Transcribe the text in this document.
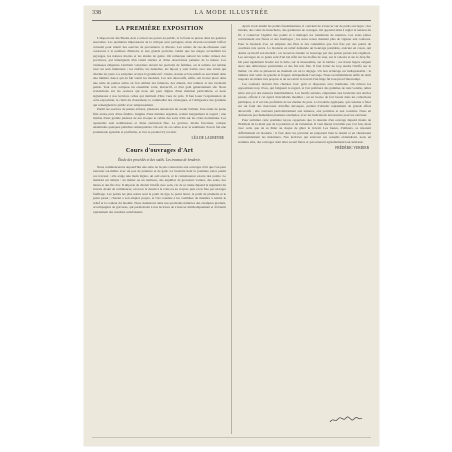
338	LA MODE ILLUSTRÉE
LA PREMIÈRE EXPOSITION

L'inspectorat des Beaux-Arts a ouvert ses portes au public, et la foule se presse dans les galeries nouvelles. Les premières impressions de la critique sont partagées, mais chacun reconnaît l'effort consenti pour réunir des oeuvres de provenance si diverse. Les salons du rez-de-chaussée sont consacrés à la peinture d'histoire et aux grands portraits, tandis que les étages accueillent les paysages, les natures mortes et les études de genre. On remarque surtout les toiles venues des provinces, qui témoignent d'un talent sincère et d'une observation patiente de la nature. Les visiteuses élégantes s'arrêtent volontiers devant les portraits de femmes, où la toilette est rendue avec un soin minutieux ; les étoffes, les dentelles, les bijoux y sont traités avec une vérité qui charme les yeux. La sculpture occupe la grande nef : bustes, statues et bas-reliefs se succèdent dans une lumière douce qui en fait valoir les modelés. Les arts décoratifs, enfin, ont trouvé place dans une série de petites salles où l'on admire des faïences, des émaux, des reliures et des éventails peints. Tout cela compose un ensemble varié, instructif, et d'un goût généralement sûr. Nous reviendrons sur les oeuvres qui nous ont paru dignes d'une mention particulière, et nous signalerons à nos lectrices celles qui méritent d'être vues de près. Il faut louer l'organisation de cette exposition, la clarté du classement, la commodité des catalogues, et l'obligeance des gardiens qui renseignent le public avec empressement.

Parmi les oeuvres de jeunes artistes, plusieurs annoncent un avenir brillant. Une étude de jeune fille assise près d'une fenêtre, baignée d'une lumière argentée, retient longuement le regard ; une marine d'une grande justesse de ton évoque le calme des soirs d'été sur les côtes normandes. Les aquarelles sont nombreuses et d'une exécution fine. La gravure, moins favorisée, compte néanmoins quelques planches remarquables. On sort de ces salles avec le sentiment d'avoir fait une promenade agréable et profitable, et l'on se promet d'y revenir.

LÉA DE LAUBEYRE
Cours d'ouvrages d'Art
Étude des procédés et des outils. Les travaux de broderie.

Nous commencerons aujourd'hui une série de leçons consacrées aux ouvrages d'art que l'on peut exécuter soi-même avec un peu de patience et de goût. La broderie tient la première place parmi ces travaux : elle exige une main légère, un oeil exercé, et la connaissance exacte des points. Le matériel est simple : un métier ou un tambour, des aiguilles de grosseurs variées, des soies, des laines et des fils d'or. Il importe de choisir l'étoffe avec soin, car de sa trame dépend la régularité du travail. Avant de commencer, on trace le dessin à la craie ou au crayon, puis on le fixe par un léger faufilage. Les points les plus usités sont le point de tige, le point lancé, le point de plumetis et le point passé ; chacun a son emploi propre, et l'art consiste à les combiner de manière à rendre le relief et la couleur du modèle. Nous donnerons dans nos prochains numéros des exemples gradués, accompagnés de gravures, qui permettront à nos lectrices de s'exercer méthodiquement et d'obtenir rapidement des résultats satisfaisants.

Après avoir étudié les points fondamentaux, il convient de s'exercer sur de petits ouvrages : des bandes, des coins de mouchoirs, des garnitures de corsages. On apprend ainsi à régler la tension du fil, à conserver l'égalité des points et à ménager les transitions de nuances. Les soies plates conviennent aux fleurs et aux feuillages ; les soies torses donnent plus de vigueur aux contours. Pour la broderie d'or, on emploie des filés et des cannetilles que l'on fixe par des points de couchure très serrés. La broderie en relief demande un bourrage préalable, exécuté en coton, qui donne au motif son modelé ; on recouvre ensuite ce bourrage par des points passés très réguliers. Les ouvrages de ce genre sont d'un bel effet sur les étoffes de soie, sur le velours et sur le drap fin. On peut également broder sur le tulle, sur la mousseline, sur la batiste ; ces tissus légers exigent alors une délicatesse particulière et des fils très fins. Il faut éviter de trop tendre l'étoffe sur le métier, car elle se plisserait au moment où on la dégage. Un bon éclairage est indispensable : la lumière doit venir de gauche et frapper obliquement l'ouvrage. Nous recommandons enfin de tenir toujours les mains très propres et de recouvrir le travail d'un linge fin lorsqu'on l'interrompt.

Les couleurs doivent être choisies avec goût et disposées avec harmonie. On évitera les oppositions trop vives, qui fatiguent le regard, et l'on préférera des gammes de tons voisins, reliés entre eux par des nuances intermédiaires. Les motifs anciens, empruntés aux broderies des siècles passés, offrent à cet égard d'excellents modèles ; on en trouve de fort beaux dans les collections publiques, et il est très profitable de les étudier de près. La broderie appliquée, qui consiste à fixer sur un fond des morceaux d'étoffes découpés, permet d'obtenir rapidement de grands effets décoratifs ; elle convient particulièrement aux tentures, aux portières et aux coussins. Nous en donnerons prochainement plusieurs exemples, avec les indications nécessaires pour les exécuter.

Pour terminer cette première leçon, rappelons que la réussite d'un ouvrage dépend moins de l'habileté de la main que de la patience et de l'attention. Il vaut mieux travailler peu à la fois, mais avec soin, que de se hâter au risque de gâter le travail. Les fautes, d'ailleurs, se réparent difficilement en broderie ; il faut donc les prévenir en préparant bien le dessin et en choisissant convenablement les matériaux. Nos lectrices qui suivront ces conseils obtiendront, nous en sommes sûrs, des ouvrages dont elles seront fières et qui orneront agréablement leur intérieur.

FRÉDÉRIC VERDIER
